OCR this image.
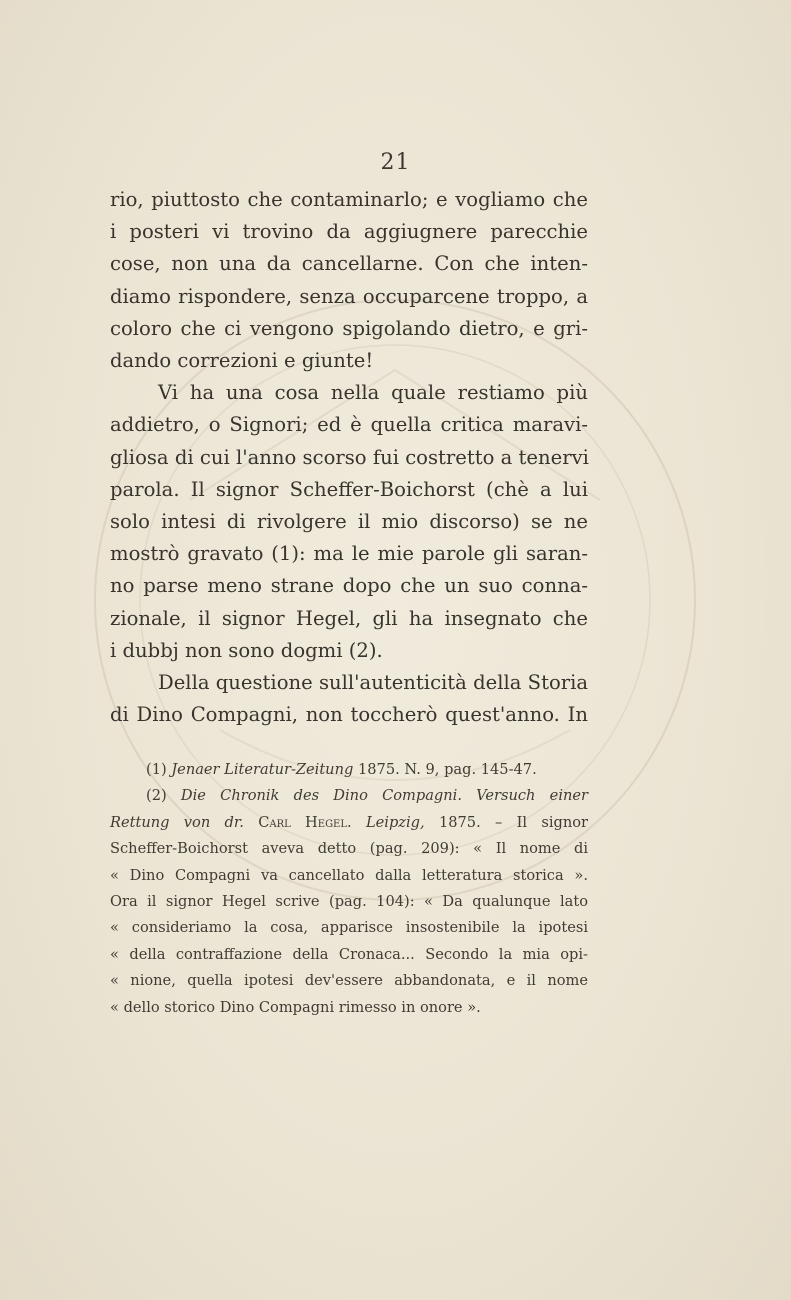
21
rio, piuttosto che contaminarlo; e vogliamo che
i posteri vi trovino da aggiugnere parecchie
cose, non una da cancellarne. Con che inten-
diamo rispondere, senza occuparcene troppo, a
coloro che ci vengono spigolando dietro, e gri-
dando correzioni e giunte!
Vi ha una cosa nella quale restiamo più
addietro, o Signori; ed è quella critica maravi-
gliosa di cui l'anno scorso fui costretto a tenervi
parola. Il signor Scheffer-Boichorst (chè a lui
solo intesi di rivolgere il mio discorso) se ne
mostrò gravato (1): ma le mie parole gli saran-
no parse meno strane dopo che un suo conna-
zionale, il signor Hegel, gli ha insegnato che
i dubbj non sono dogmi (2).
Della questione sull'autenticità della Storia
di Dino Compagni, non toccherò quest'anno. In
(1) Jenaer Literatur-Zeitung 1875. N. 9, pag. 145-47.
(2) Die Chronik des Dino Compagni. Versuch einer
Rettung von dr. Carl Hegel. Leipzig, 1875. – Il signor
Scheffer-Boichorst aveva detto (pag. 209): « Il nome di
« Dino Compagni va cancellato dalla letteratura storica ».
Ora il signor Hegel scrive (pag. 104): « Da qualunque lato
« consideriamo la cosa, apparisce insostenibile la ipotesi
« della contraffazione della Cronaca... Secondo la mia opi-
« nione, quella ipotesi dev'essere abbandonata, e il nome
« dello storico Dino Compagni rimesso in onore ».
